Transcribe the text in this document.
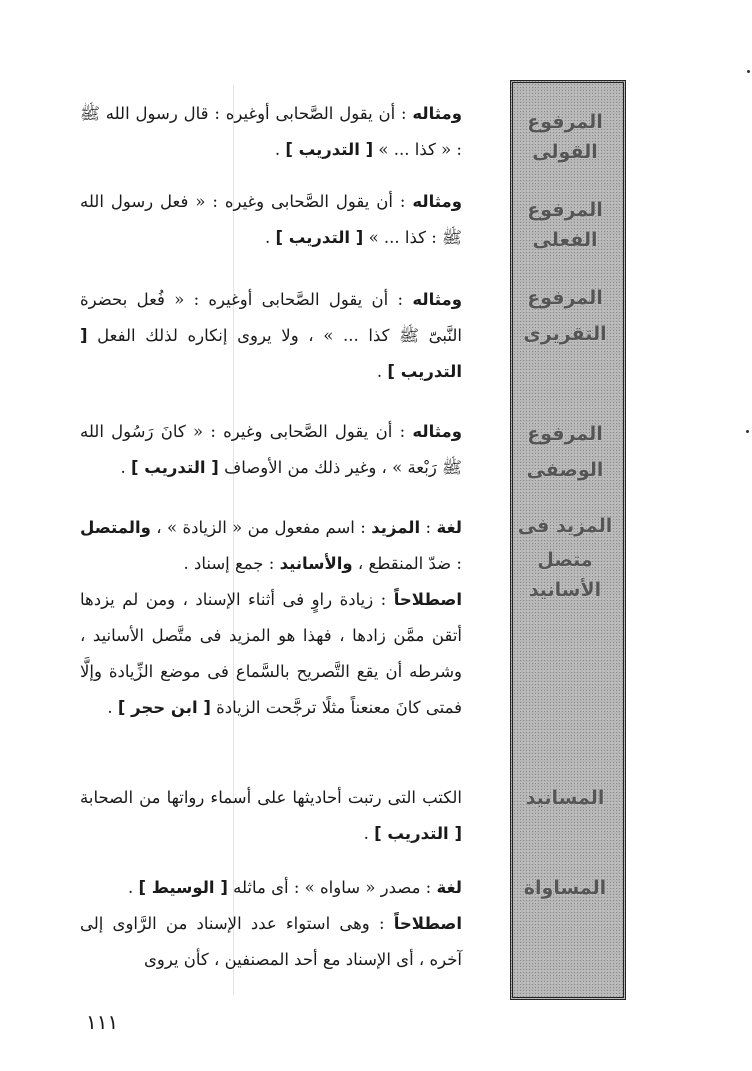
المرفوع القولى
المرفوع الفعلى
المرفوع
التقريرى
المرفوع
الوصفى
المزيد فى
متصل الأسانيد
المسانيد
المساواة

ومثاله : أن يقول الصَّحابى أوغيره : قال رسول الله ﷺ : « كذا ... » [ التدريب ] .

ومثاله : أن يقول الصَّحابى وغيره : « فعل رسول الله ﷺ : كذا ... » [ التدريب ] .

ومثاله : أن يقول الصَّحابى أوغيره : « فُعل بحضرة النَّبىّ ﷺ كذا ... » ، ولا يروى إنكاره لذلك الفعل [ التدريب ] .

ومثاله : أن يقول الصَّحابى وغيره : « كانَ رَسُول الله ﷺ رَبْعة » ، وغير ذلك من الأوصاف [ التدريب ] .

لغة : المزيد : اسم مفعول من « الزيادة » ، والمتصل : ضدّ المنقطع ، والأسانيد : جمع إسناد .

اصطلاحاً : زيادة راوٍ فى أثناء الإسناد ، ومن لم يزدها أتقن ممَّن زادها ، فهذا هو المزيد فى متَّصل الأسانيد ، وشرطه أن يقع التَّصريح بالسَّماع فى موضع الزِّيادة وإلَّا فمتى كانَ معنعناً مثلًا ترجَّحت الزيادة [ ابن حجر ] .

الكتب التى رتبت أحاديثها على أسماء رواتها من الصحابة [ التدريب ] .

لغة : مصدر « ساواه » : أى ماثله [ الوسيط ] .

اصطلاحاً : وهى استواء عدد الإسناد من الرَّاوى إلى آخره ، أى الإسناد مع أحد المصنفين ، كأن يروى

١١١
